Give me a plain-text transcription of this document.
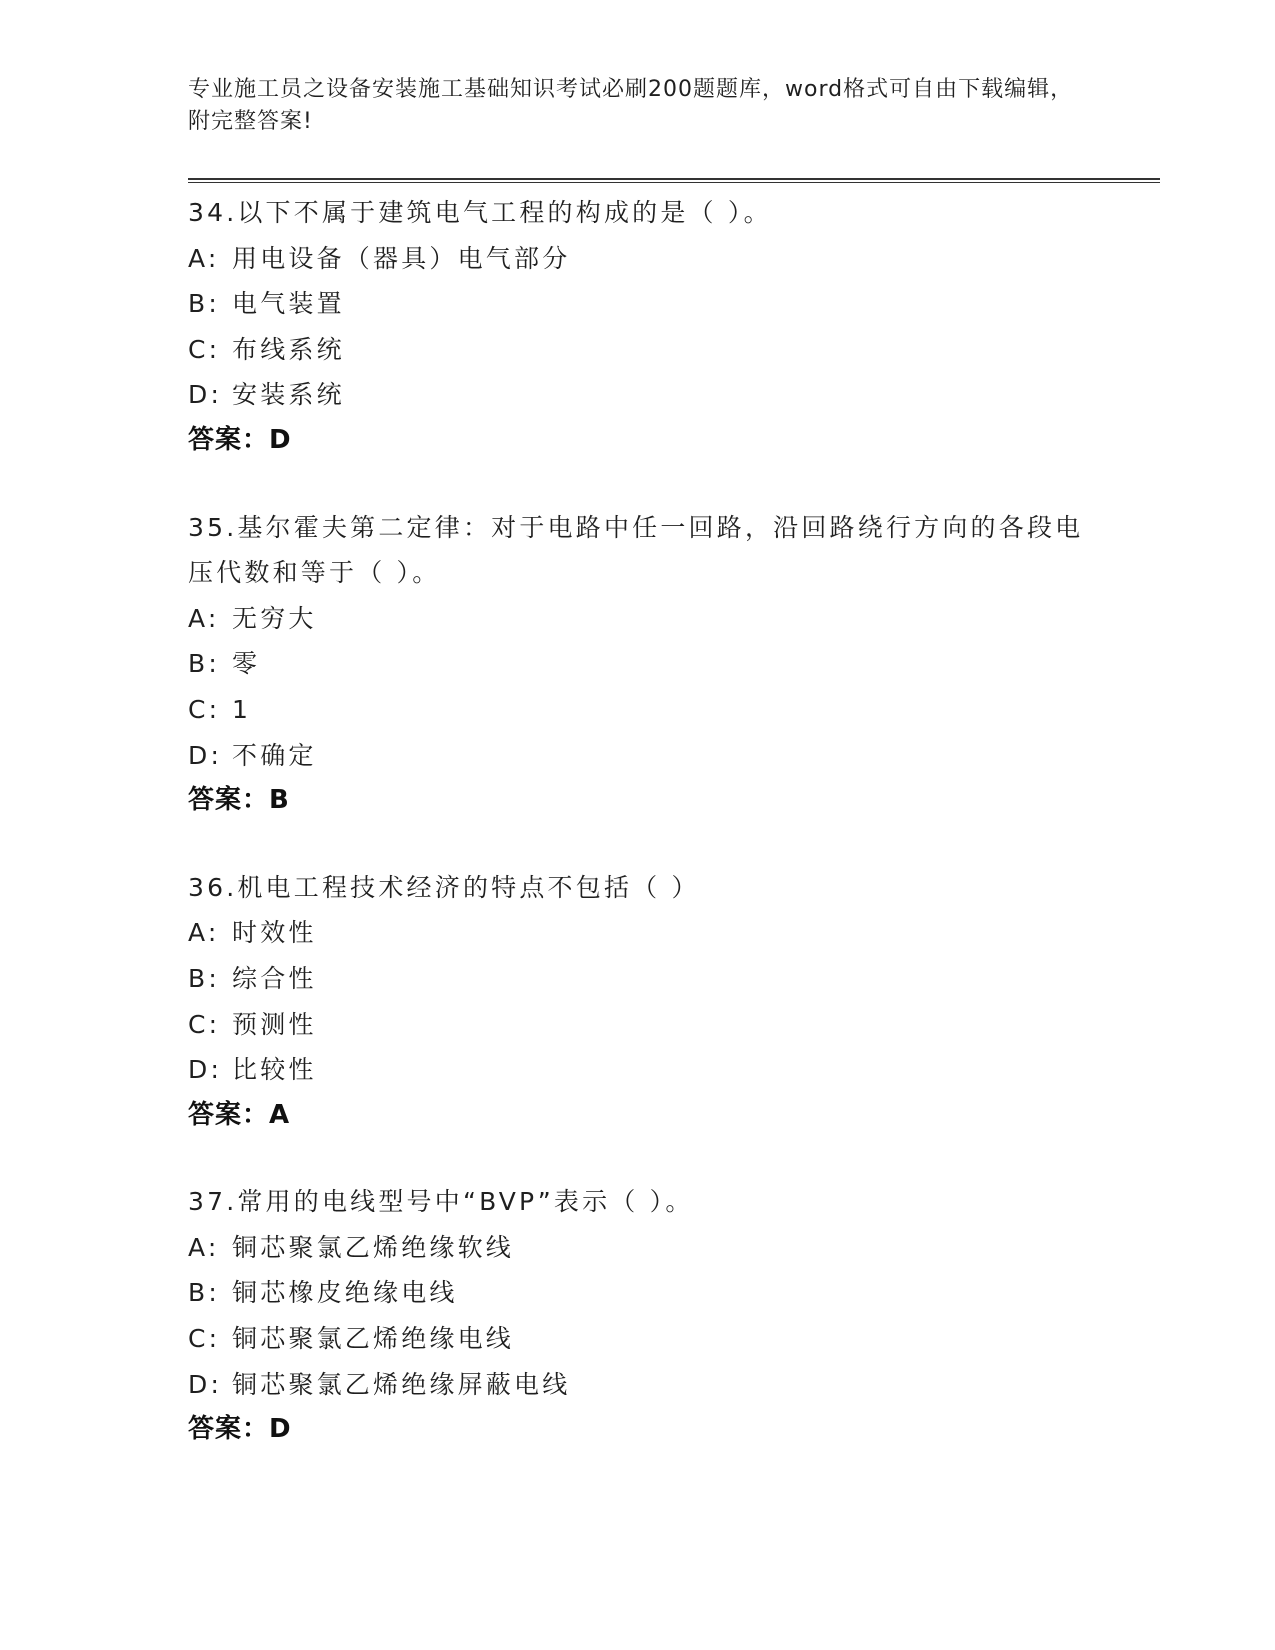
专业施工员之设备安装施工基础知识考试必刷200题题库，word格式可自由下载编辑，附完整答案!
34.以下不属于建筑电气工程的构成的是（ ）。
A: 用电设备（器具）电气部分
B: 电气装置
C: 布线系统
D: 安装系统
答案：D
35.基尔霍夫第二定律：对于电路中任一回路，沿回路绕行方向的各段电压代数和等于（ ）。
A: 无穷大
B: 零
C: 1
D: 不确定
答案：B
36.机电工程技术经济的特点不包括（ ）
A: 时效性
B: 综合性
C: 预测性
D: 比较性
答案：A
37.常用的电线型号中“BVP”表示（ ）。
A: 铜芯聚氯乙烯绝缘软线
B: 铜芯橡皮绝缘电线
C: 铜芯聚氯乙烯绝缘电线
D: 铜芯聚氯乙烯绝缘屏蔽电线
答案：D
